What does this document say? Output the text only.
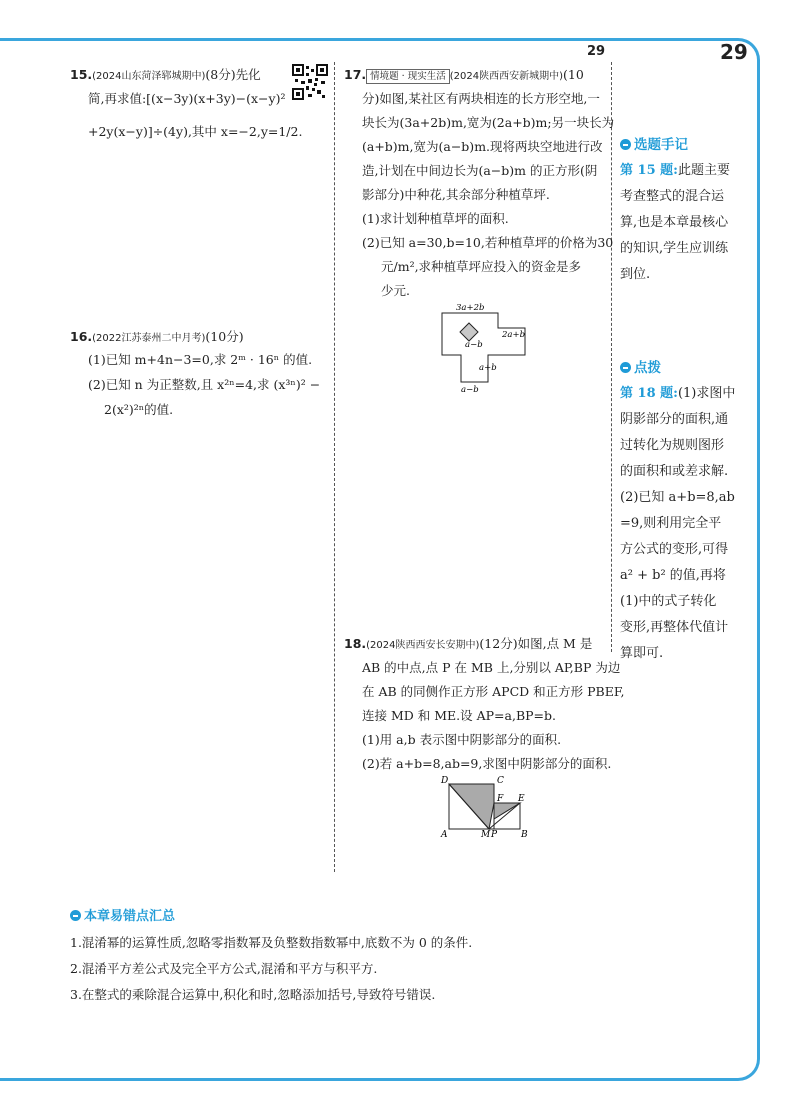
29	29
15.(2024山东菏泽郓城期中)(8分)先化
简,再求值:[(x−3y)(x+3y)−(x−y)²
+2y(x−y)]÷(4y),其中 x=−2,y=1/2.
16.(2022江苏泰州二中月考)(10分)
(1)已知 m+4n−3=0,求 2ᵐ · 16ⁿ 的值.
(2)已知 n 为正整数,且 x²ⁿ=4,求 (x³ⁿ)² −
2(x²)²ⁿ的值.
17. 情境题 · 现实生活 (2024陕西西安新城期中)(10
分)如图,某社区有两块相连的长方形空地,一
块长为(3a+2b)m,宽为(2a+b)m;另一块长为
(a+b)m,宽为(a−b)m.现将两块空地进行改
造,计划在中间边长为(a−b)m 的正方形(阴
影部分)中种花,其余部分种植草坪.
(1)求计划种植草坪的面积.
(2)已知 a=30,b=10,若种植草坪的价格为30
元/m²,求种植草坪应投入的资金是多
少元.
3a+2b
2a+b
a−b
a+b
a−b
18.(2024陕西西安长安期中)(12分)如图,点 M 是
AB 的中点,点 P 在 MB 上,分别以 AP,BP 为边
在 AB 的同侧作正方形 APCD 和正方形 PBEF,
连接 MD 和 ME.设 AP=a,BP=b.
(1)用 a,b 表示图中阴影部分的面积.
(2)若 a+b=8,ab=9,求图中阴影部分的面积.
D	C
F E
A	M P	B
选题手记
第 15 题:此题主要
考查整式的混合运
算,也是本章最核心
的知识,学生应训练
到位.
点拨
第 18 题:(1)求图中
阴影部分的面积,通
过转化为规则图形
的面积和或差求解.
(2)已知 a+b=8,ab
=9,则利用完全平
方公式的变形,可得
a² + b² 的值,再将
(1)中的式子转化
变形,再整体代值计
算即可.
本章易错点汇总
1.混淆幂的运算性质,忽略零指数幂及负整数指数幂中,底数不为 0 的条件.
2.混淆平方差公式及完全平方公式,混淆和平方与积平方.
3.在整式的乘除混合运算中,积化和时,忽略添加括号,导致符号错误.
